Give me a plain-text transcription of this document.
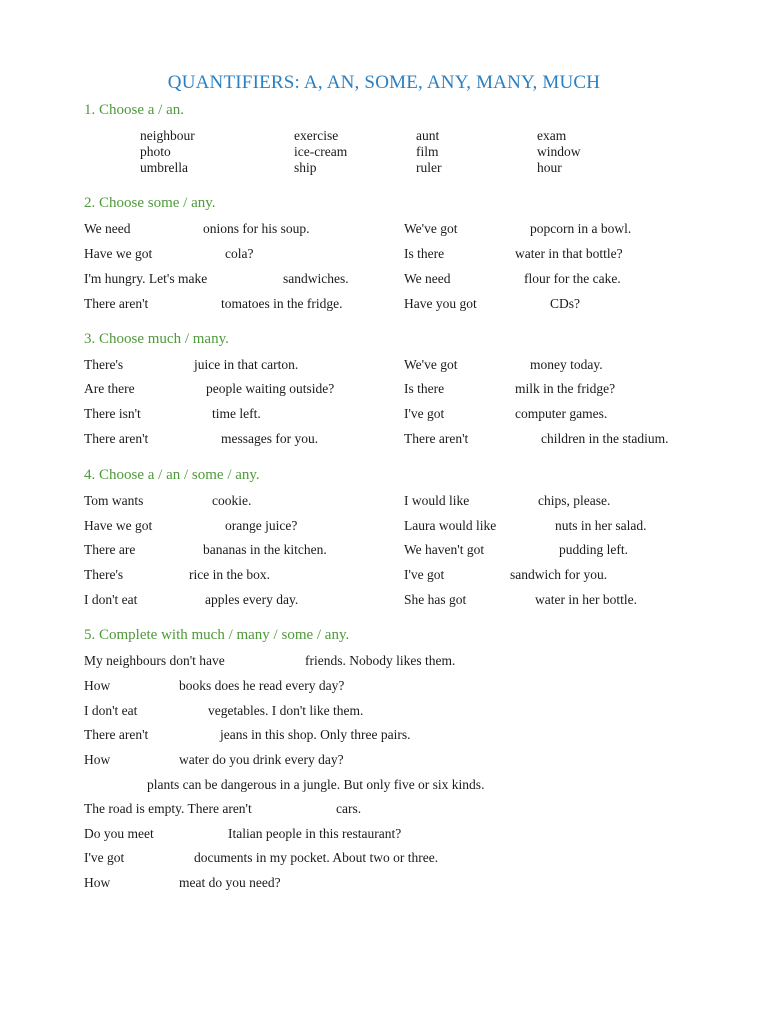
QUANTIFIERS: A, AN, SOME, ANY, MANY, MUCH
1. Choose a / an.
neighbour	exercise	aunt	exam
photo	ice-cream	film	window
umbrella	ship	ruler	hour
2. Choose some / any.
We need	onions for his soup.	We've got	popcorn in a bowl.
Have we got	cola?	Is there	water in that bottle?
I'm hungry. Let's make	sandwiches.	We need	flour for the cake.
There aren't	tomatoes in the fridge.	Have you got	CDs?
3. Choose much / many.
There's	juice in that carton.	We've got	money today.
Are there	people waiting outside?	Is there	milk in the fridge?
There isn't	time left.	I've got	computer games.
There aren't	messages for you.	There aren't	children in the stadium.
4. Choose a / an / some / any.
Tom wants	cookie.	I would like	chips, please.
Have we got	orange juice?	Laura would like	nuts in her salad.
There are	bananas in the kitchen.	We haven't got	pudding left.
There's	rice in the box.	I've got	sandwich for you.
I don't eat	apples every day.	She has got	water in her bottle.
5. Complete with much / many / some / any.
My neighbours don't have	friends. Nobody likes them.
How	books does he read every day?
I don't eat	vegetables. I don't like them.
There aren't	jeans in this shop. Only three pairs.
How	water do you drink every day?
plants can be dangerous in a jungle. But only five or six kinds.
The road is empty. There aren't	cars.
Do you meet	Italian people in this restaurant?
I've got	documents in my pocket. About two or three.
How	meat do you need?
